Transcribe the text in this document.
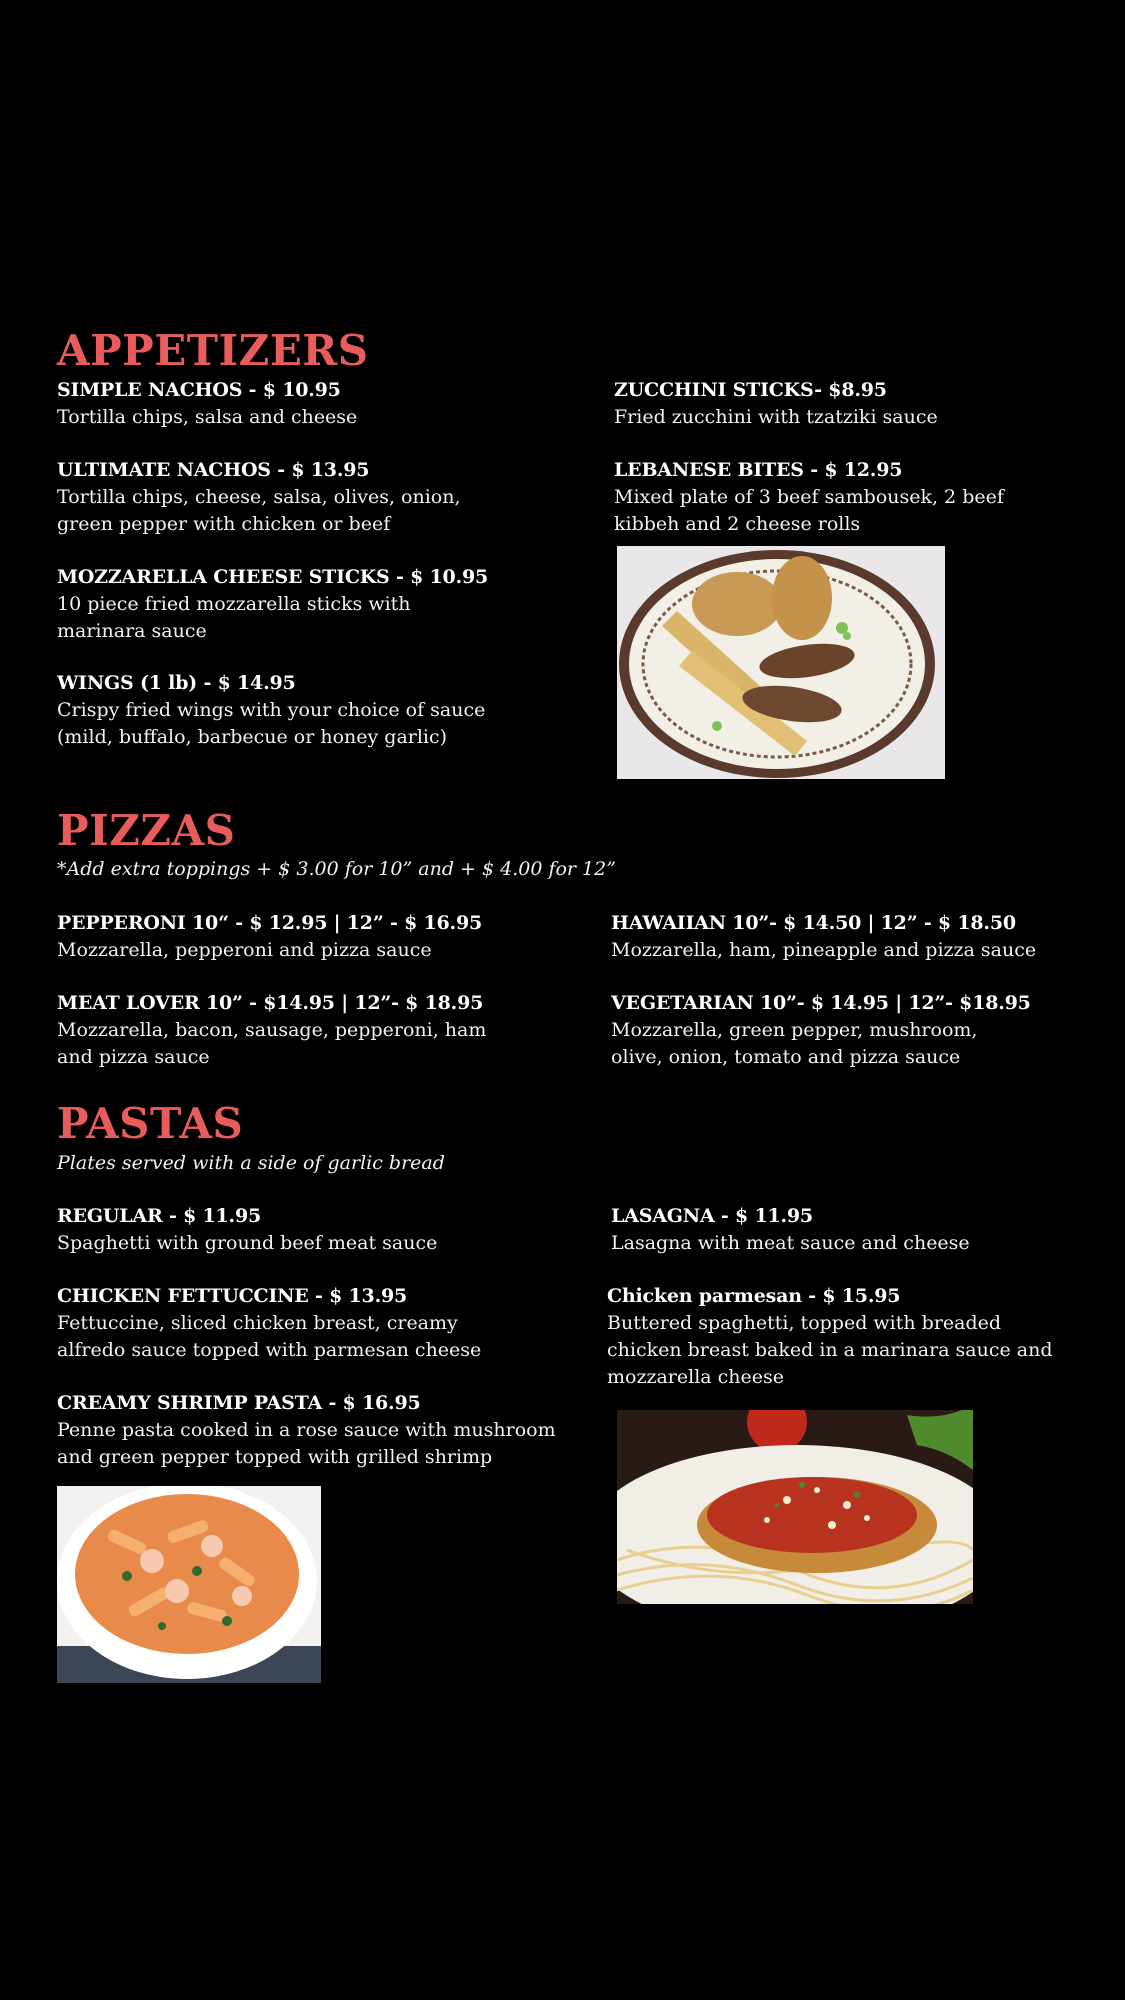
APPETIZERS
SIMPLE NACHOS - $ 10.95
Tortilla chips, salsa and cheese
ULTIMATE NACHOS - $ 13.95
Tortilla chips, cheese, salsa, olives, onion, green pepper with chicken or beef
MOZZARELLA CHEESE STICKS - $ 10.95
10 piece fried mozzarella sticks with marinara sauce
WINGS (1 lb) - $ 14.95
Crispy fried wings with your choice of sauce (mild, buffalo, barbecue or honey garlic)
ZUCCHINI STICKS- $8.95
Fried zucchini with tzatziki sauce
LEBANESE BITES - $ 12.95
Mixed plate of 3 beef sambousek, 2 beef kibbeh and 2 cheese rolls
PIZZAS
*Add extra toppings + $ 3.00 for 10” and + $ 4.00 for 12”
PEPPERONI 10“ - $ 12.95 | 12” - $ 16.95
Mozzarella, pepperoni and pizza sauce
MEAT LOVER 10” - $14.95 | 12”- $ 18.95
Mozzarella, bacon, sausage, pepperoni, ham and pizza sauce
HAWAIIAN 10”- $ 14.50 | 12” - $ 18.50
Mozzarella, ham, pineapple and pizza sauce
VEGETARIAN 10”- $ 14.95 | 12”- $18.95
Mozzarella, green pepper, mushroom, olive, onion, tomato and pizza sauce
PASTAS
Plates served with a side of garlic bread
REGULAR - $ 11.95
Spaghetti with ground beef meat sauce
CHICKEN FETTUCCINE - $ 13.95
Fettuccine, sliced chicken breast, creamy alfredo sauce topped with parmesan cheese
CREAMY SHRIMP PASTA - $ 16.95
Penne pasta cooked in a rose sauce with mushroom and green pepper topped with grilled shrimp
LASAGNA - $ 11.95
Lasagna with meat sauce and cheese
Chicken parmesan - $ 15.95
Buttered spaghetti, topped with breaded chicken breast baked in a marinara sauce and mozzarella cheese
